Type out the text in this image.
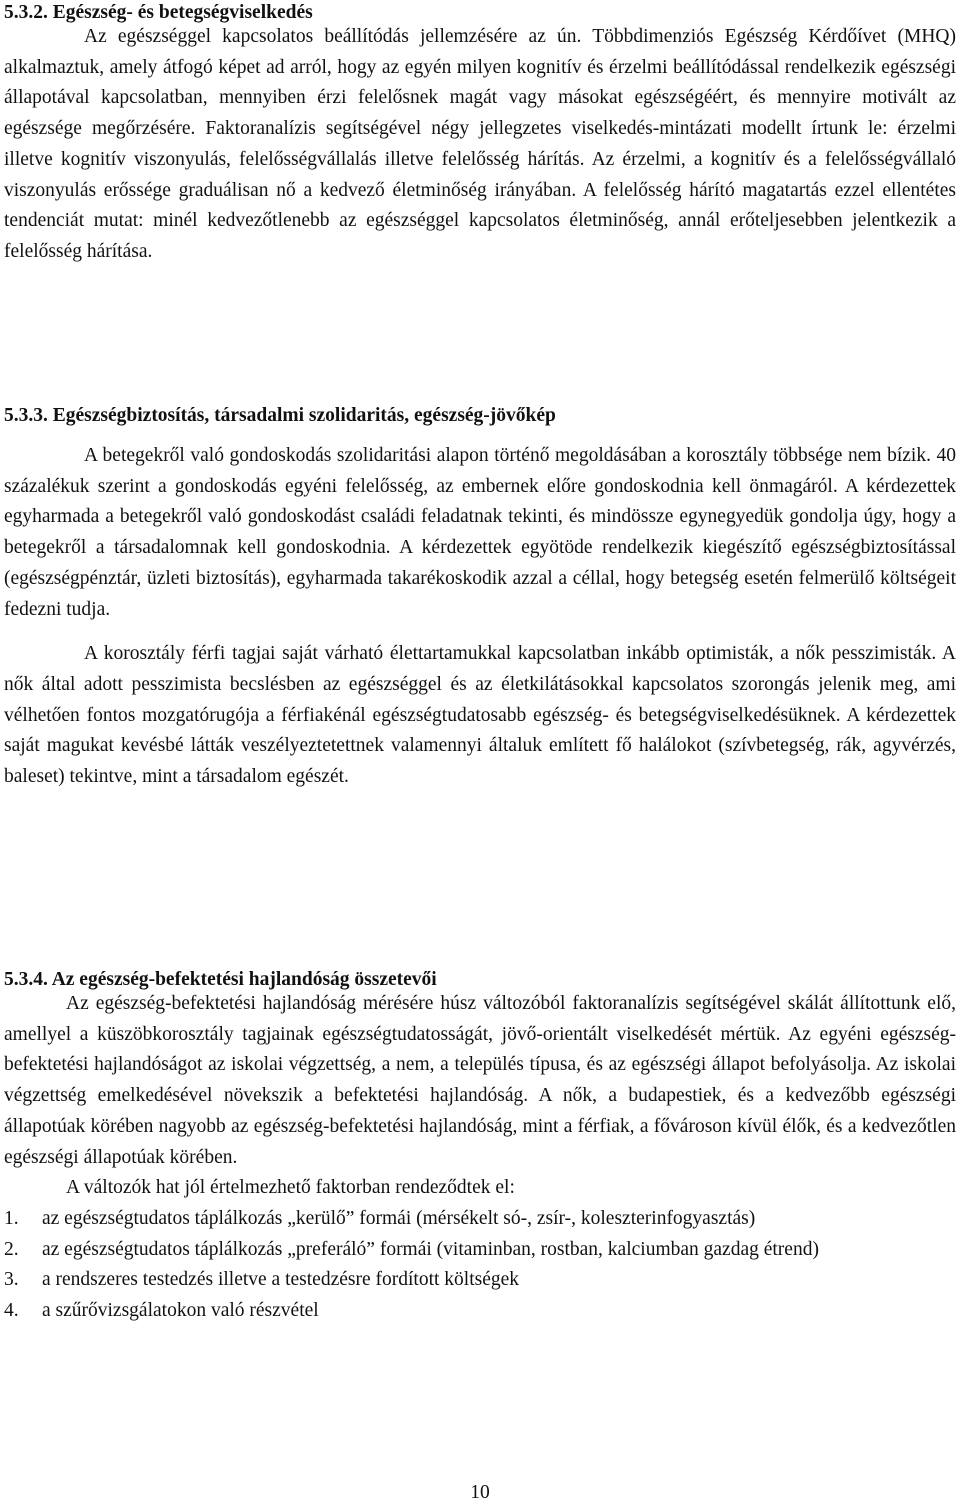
5.3.2. Egészség- és betegségviselkedés

Az egészséggel kapcsolatos beállítódás jellemzésére az ún. Többdimenziós Egészség Kérdőívet (MHQ) alkalmaztuk, amely átfogó képet ad arról, hogy az egyén milyen kognitív és érzelmi beállítódással rendelkezik egészségi állapotával kapcsolatban, mennyiben érzi felelősnek magát vagy másokat egészségéért, és mennyire motivált az egészsége megőrzésére. Faktoranalízis segítségével négy jellegzetes viselkedés-mintázati modellt írtunk le: érzelmi illetve kognitív viszonyulás, felelősségvállalás illetve felelősség hárítás. Az érzelmi, a kognitív és a felelősségvállaló viszonyulás erőssége graduálisan nő a kedvező életminőség irányában. A felelősség hárító magatartás ezzel ellentétes tendenciát mutat: minél kedvezőtlenebb az egészséggel kapcsolatos életminőség, annál erőteljesebben jelentkezik a felelősség hárítása.

5.3.3. Egészségbiztosítás, társadalmi szolidaritás, egészség-jövőkép

A betegekről való gondoskodás szolidaritási alapon történő megoldásában a korosztály többsége nem bízik. 40 százalékuk szerint a gondoskodás egyéni felelősség, az embernek előre gondoskodnia kell önmagáról. A kérdezettek egyharmada a betegekről való gondoskodást családi feladatnak tekinti, és mindössze egynegyedük gondolja úgy, hogy a betegekről a társadalomnak kell gondoskodnia. A kérdezettek egyötöde rendelkezik kiegészítő egészségbiztosítással (egészségpénztár, üzleti biztosítás), egyharmada takarékoskodik azzal a céllal, hogy betegség esetén felmerülő költségeit fedezni tudja.

A korosztály férfi tagjai saját várható élettartamukkal kapcsolatban inkább optimisták, a nők pesszimisták. A nők által adott pesszimista becslésben az egészséggel és az életkilátásokkal kapcsolatos szorongás jelenik meg, ami vélhetően fontos mozgatórugója a férfiakénál egészségtudatosabb egészség- és betegségviselkedésüknek. A kérdezettek saját magukat kevésbé látták veszélyeztetettnek valamennyi általuk említett fő halálokot (szívbetegség, rák, agyvérzés, baleset) tekintve, mint a társadalom egészét.

5.3.4. Az egészség-befektetési hajlandóság összetevői

Az egészség-befektetési hajlandóság mérésére húsz változóból faktoranalízis segítségével skálát állítottunk elő, amellyel a küszöbkorosztály tagjainak egészségtudatosságát, jövő-orientált viselkedését mértük. Az egyéni egészség-befektetési hajlandóságot az iskolai végzettség, a nem, a település típusa, és az egészségi állapot befolyásolja. Az iskolai végzettség emelkedésével növekszik a befektetési hajlandóság. A nők, a budapestiek, és a kedvezőbb egészségi állapotúak körében nagyobb az egészség-befektetési hajlandóság, mint a férfiak, a fővároson kívül élők, és a kedvezőtlen egészségi állapotúak körében.

A változók hat jól értelmezhető faktorban rendeződtek el:

1.	az egészségtudatos táplálkozás „kerülő” formái (mérsékelt só-, zsír-, koleszterinfogyasztás)
2.	az egészségtudatos táplálkozás „preferáló” formái (vitaminban, rostban, kalciumban gazdag étrend)
3.	a rendszeres testedzés illetve a testedzésre fordított költségek
4.	a szűrővizsgálatokon való részvétel
10
